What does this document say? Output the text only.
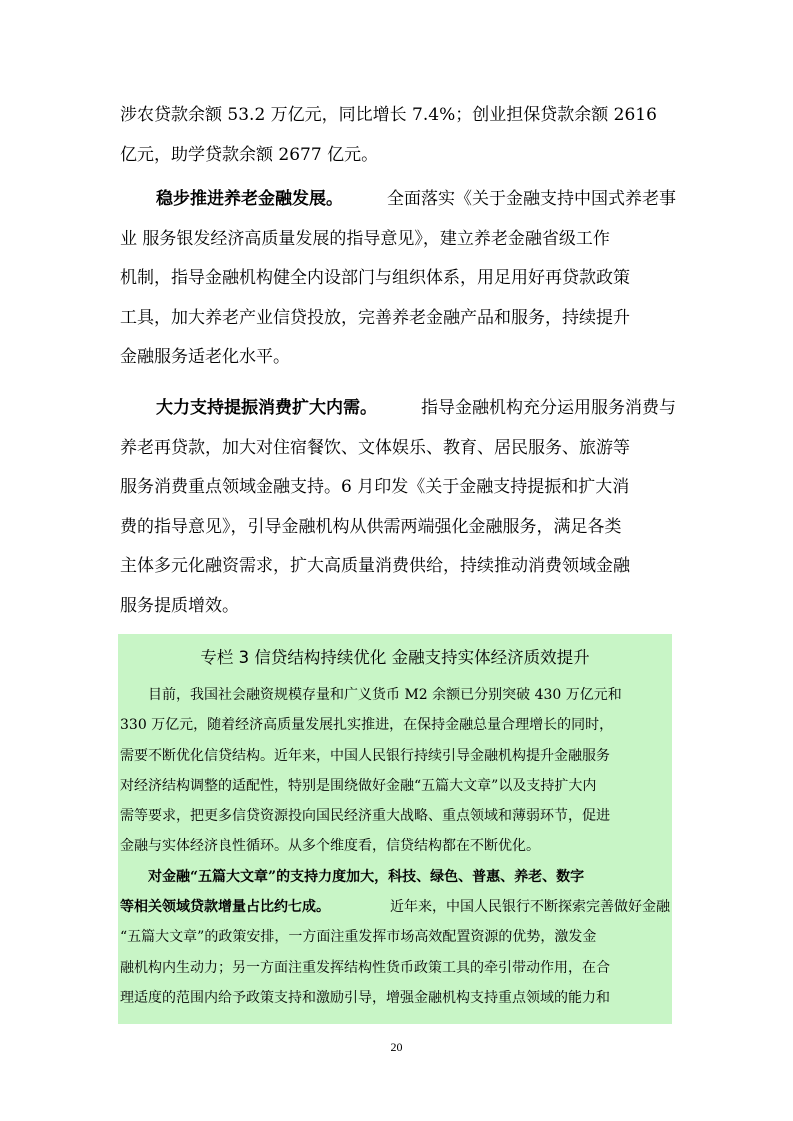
涉农贷款余额 53.2 万亿元，同比增长 7.4%；创业担保贷款余额 2616
亿元，助学贷款余额 2677 亿元。
稳步推进养老金融发展。	全面落实《关于金融支持中国式养老事
业 服务银发经济高质量发展的指导意见》，建立养老金融省级工作
机制，指导金融机构健全内设部门与组织体系，用足用好再贷款政策
工具，加大养老产业信贷投放，完善养老金融产品和服务，持续提升
金融服务适老化水平。
大力支持提振消费扩大内需。	指导金融机构充分运用服务消费与
养老再贷款，加大对住宿餐饮、文体娱乐、教育、居民服务、旅游等
服务消费重点领域金融支持。6 月印发《关于金融支持提振和扩大消
费的指导意见》，引导金融机构从供需两端强化金融服务，满足各类
主体多元化融资需求，扩大高质量消费供给，持续推动消费领域金融
服务提质增效。
专栏 3 信贷结构持续优化 金融支持实体经济质效提升
目前，我国社会融资规模存量和广义货币 M2 余额已分别突破 430 万亿元和
330 万亿元，随着经济高质量发展扎实推进，在保持金融总量合理增长的同时，
需要不断优化信贷结构。近年来，中国人民银行持续引导金融机构提升金融服务
对经济结构调整的适配性，特别是围绕做好金融“五篇大文章”以及支持扩大内
需等要求，把更多信贷资源投向国民经济重大战略、重点领域和薄弱环节，促进
金融与实体经济良性循环。从多个维度看，信贷结构都在不断优化。
对金融“五篇大文章”的支持力度加大，科技、绿色、普惠、养老、数字
等相关领域贷款增量占比约七成。	近年来，中国人民银行不断探索完善做好金融
“五篇大文章”的政策安排，一方面注重发挥市场高效配置资源的优势，激发金
融机构内生动力；另一方面注重发挥结构性货币政策工具的牵引带动作用，在合
理适度的范围内给予政策支持和激励引导，增强金融机构支持重点领域的能力和
20
